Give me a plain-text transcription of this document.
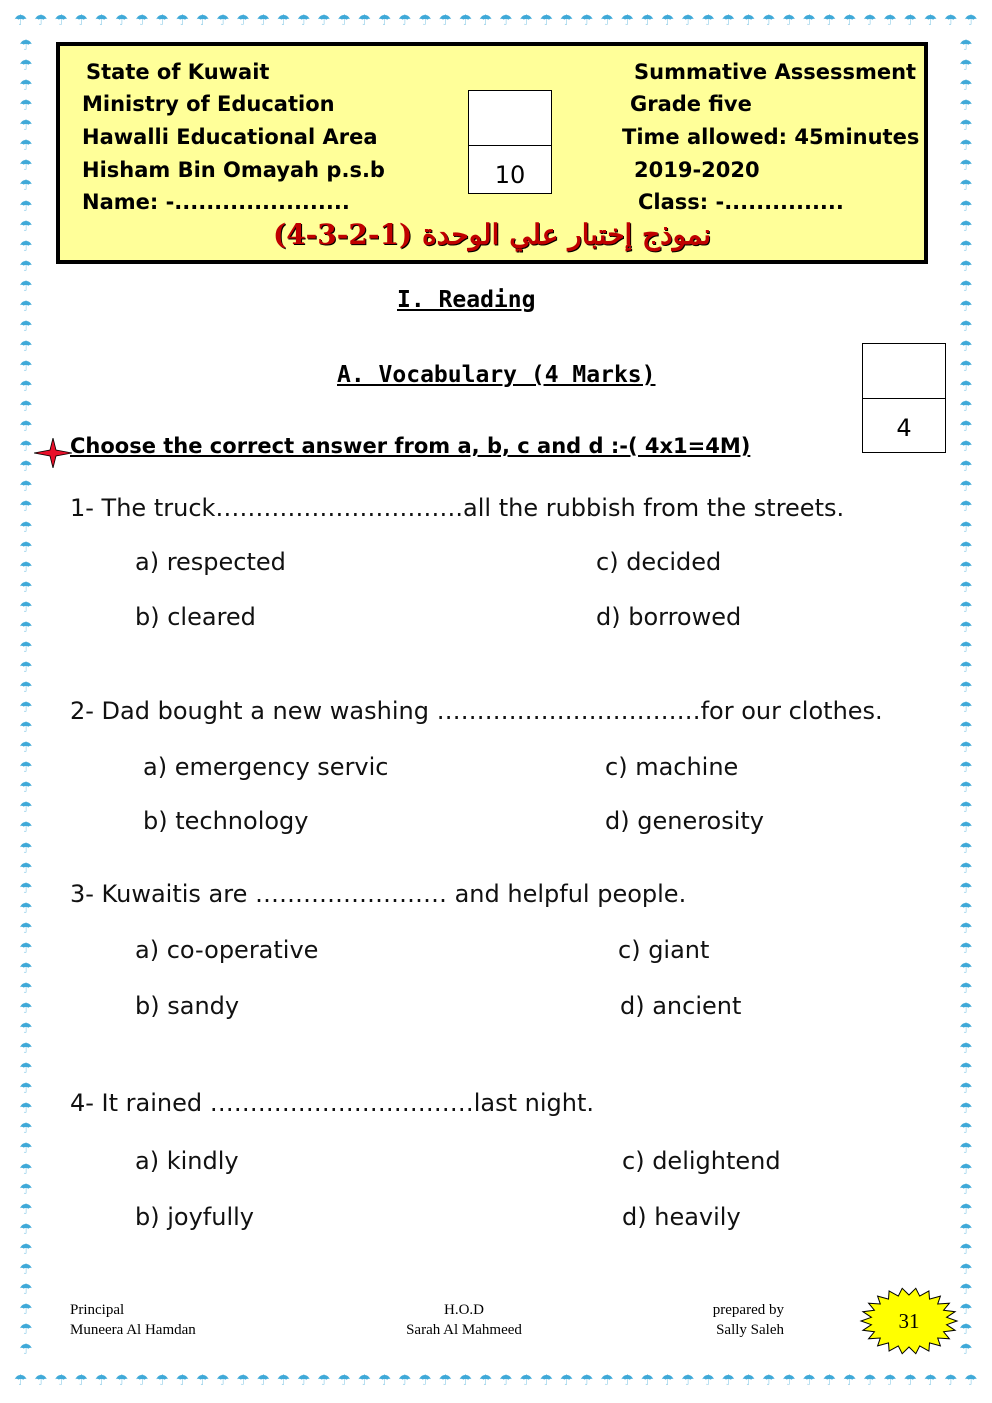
☂ ☂ ☂ ☂ ☂ ☂ ☂ ☂ ☂ ☂ ☂ ☂ ☂ ☂ ☂ ☂ ☂ ☂ ☂ ☂ ☂ ☂ ☂ ☂ ☂ ☂ ☂ ☂ ☂ ☂ ☂ ☂ ☂ ☂ ☂ ☂ ☂ ☂ ☂ ☂ ☂ ☂ ☂ ☂ ☂ ☂ ☂ ☂
☂ ☂ ☂ ☂ ☂ ☂ ☂ ☂ ☂ ☂ ☂ ☂ ☂ ☂ ☂ ☂ ☂ ☂ ☂ ☂ ☂ ☂ ☂ ☂ ☂ ☂ ☂ ☂ ☂ ☂ ☂ ☂ ☂ ☂ ☂ ☂ ☂ ☂ ☂ ☂ ☂ ☂ ☂ ☂ ☂ ☂ ☂ ☂
☂
☂
☂
☂
☂
☂
☂
☂
☂
☂
☂
☂
☂
☂
☂
☂
☂
☂
☂
☂
☂
☂
☂
☂
☂
☂
☂
☂
☂
☂
☂
☂
☂
☂
☂
☂
☂
☂
☂
☂
☂
☂
☂
☂
☂
☂
☂
☂
☂
☂
☂
☂
☂
☂
☂
☂
☂
☂
☂
☂
☂
☂
☂
☂
☂
☂
☂
☂
☂
☂
☂
☂
☂
☂
☂
☂
☂
☂
☂
☂
☂
☂
☂
☂
☂
☂
☂
☂
☂
☂
☂
☂
☂
☂
☂
☂
☂
☂
☂
☂
☂
☂
☂
☂
☂
☂
☂
☂
☂
☂
☂
☂
☂
☂
☂
☂
☂
☂
☂
☂
☂
☂
☂
☂
☂
☂
☂
☂
☂
☂
☂
☂
State of Kuwait
Ministry of Education
Hawalli Educational Area
Hisham Bin Omayah p.s.b
Name: -......................
Summative Assessment
Grade five
Time allowed: 45minutes
2019-2020
Class: -...............
10
نموذج إختبار علي الوحدة (1-2-3-4)
I. Reading
A. Vocabulary (4 Marks)
4
Choose the correct answer from a, b, c and d :-( 4x1=4M)
1- The truck………………………….all the rubbish from the streets.
a) respected
b) cleared
c) decided
d) borrowed
2- Dad bought a new washing ……………………………for our clothes.
a) emergency servic
b) technology
c) machine
d) generosity
3- Kuwaitis are …………………… and helpful people.
a) co-operative
b) sandy
c) giant
d) ancient
4- It rained ……………………………last night.
a) kindly
b) joyfully
c) delightend
d) heavily
Principal
Muneera Al Hamdan
H.O.D
Sarah Al Mahmeed
prepared by
Sally Saleh	31
